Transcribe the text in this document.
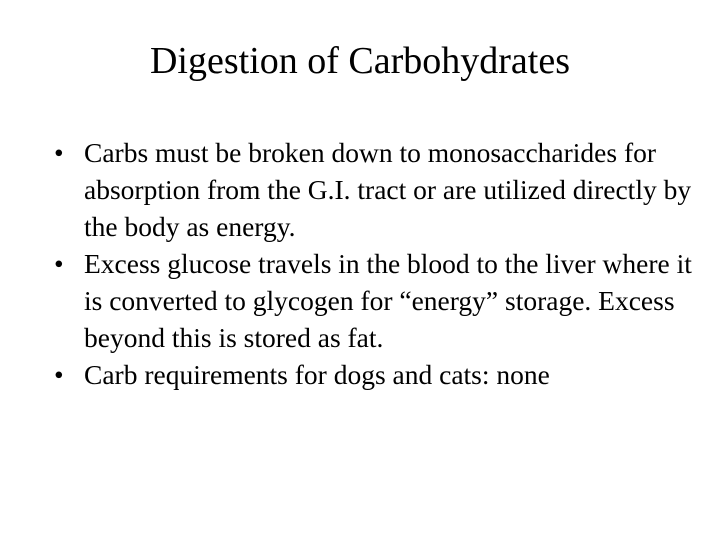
Digestion of Carbohydrates
• Carbs must be broken down to monosaccharides for absorption from the G.I. tract or are utilized directly by the body as energy.
• Excess glucose travels in the blood to the liver where it is converted to glycogen for “energy” storage. Excess beyond this is stored as fat.
• Carb requirements for dogs and cats: none
